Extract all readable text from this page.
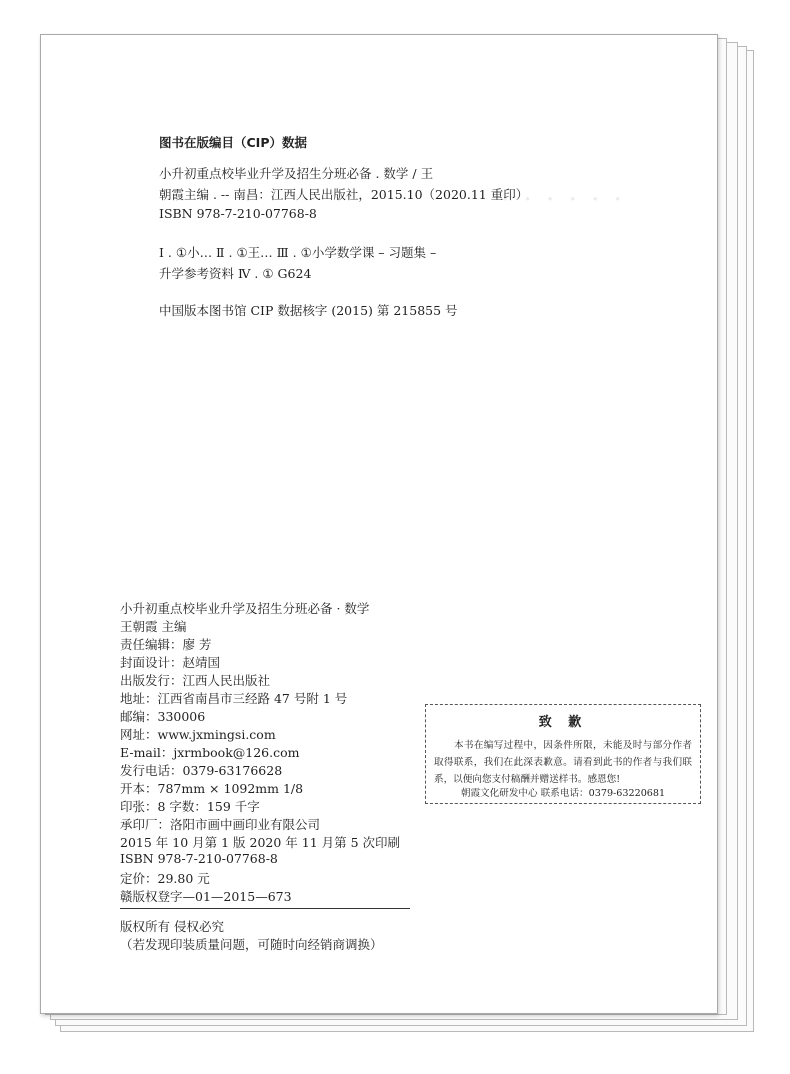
· · · · · ·
图书在版编目（CIP）数据
小升初重点校毕业升学及招生分班必备 . 数学 / 王
朝霞主编 . -- 南昌：江西人民出版社，2015.10（2020.11 重印）
ISBN 978-7-210-07768-8
Ⅰ . ①小… Ⅱ . ①王… Ⅲ . ①小学数学课 – 习题集 –
升学参考资料 Ⅳ . ① G624
中国版本图书馆 CIP 数据核字 (2015) 第 215855 号
小升初重点校毕业升学及招生分班必备 · 数学
王朝霞 主编
责任编辑：廖 芳
封面设计：赵靖国
出版发行：江西人民出版社
地址：江西省南昌市三经路 47 号附 1 号
邮编：330006
网址：www.jxmingsi.com
E-mail：jxrmbook@126.com
发行电话：0379-63176628
开本：787mm × 1092mm 1/8
印张：8 字数：159 千字
承印厂：洛阳市画中画印业有限公司
2015 年 10 月第 1 版 2020 年 11 月第 5 次印刷
ISBN 978-7-210-07768-8
定价：29.80 元
赣版权登字—01—2015—673
版权所有 侵权必究
（若发现印装质量问题，可随时向经销商调换）
致 歉
本书在编写过程中，因条件所限，未能及时与部分作者取得联系，我们在此深表歉意。请看到此书的作者与我们联系，以便向您支付稿酬并赠送样书。感恩您!
朝霞文化研发中心 联系电话：0379-63220681
